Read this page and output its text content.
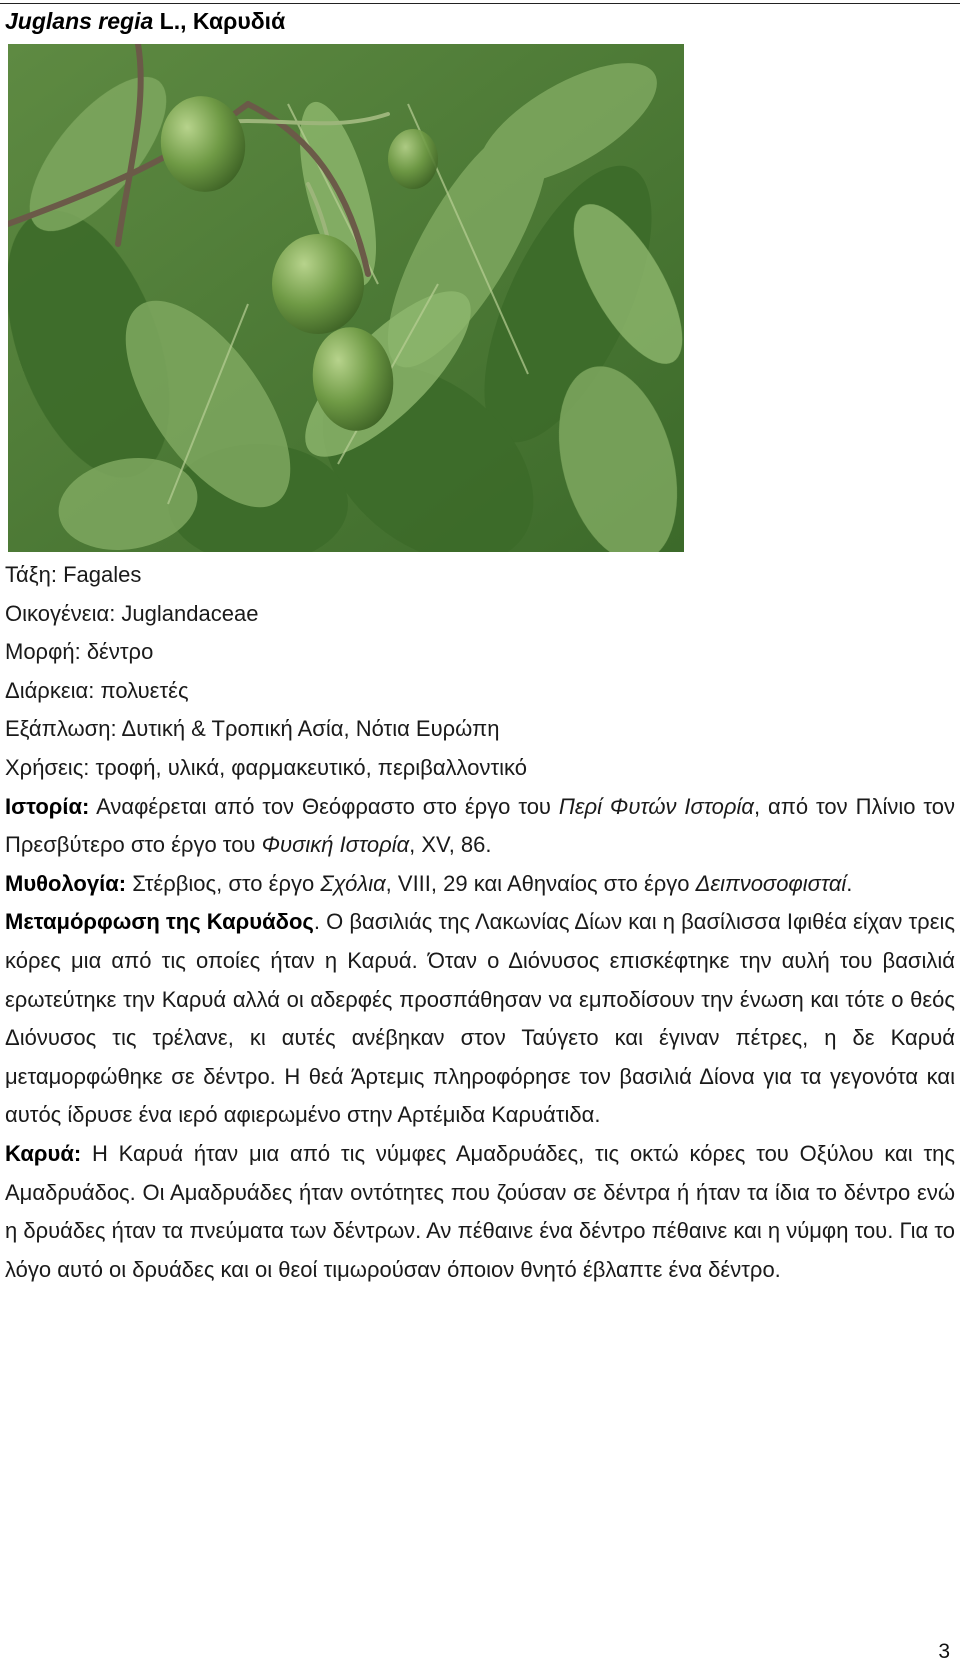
Juglans regia L., Καρυδιά
Τάξη: Fagales
Οικογένεια: Juglandaceae
Μορφή: δέντρο
Διάρκεια: πολυετές
Εξάπλωση: Δυτική & Τροπική Ασία, Νότια Ευρώπη
Χρήσεις: τροφή, υλικά, φαρμακευτικό, περιβαλλοντικό
Ιστορία: Αναφέρεται από τον Θεόφραστο στο έργο του Περί Φυτών Ιστορία, από τον Πλίνιο τον Πρεσβύτερο στο έργο του Φυσική Ιστορία, XV, 86.
Μυθολογία: Στέρβιος, στο έργο Σχόλια, VIII, 29 και Αθηναίος στο έργο Δειπνοσοφισταί.
Μεταμόρφωση της Καρυάδος. Ο βασιλιάς της Λακωνίας Δίων και η βασίλισσα Ιφιθέα είχαν τρεις κόρες μια από τις οποίες ήταν η Καρυά. Όταν ο Διόνυσος επισκέφτηκε την αυλή του βασιλιά ερωτεύτηκε την Καρυά αλλά οι αδερφές προσπάθησαν να εμποδίσουν την ένωση και τότε ο θεός Διόνυσος τις τρέλανε, κι αυτές ανέβηκαν στον Ταύγετο και έγιναν πέτρες, η δε Καρυά μεταμορφώθηκε σε δέντρο. Η θεά Άρτεμις πληροφόρησε τον βασιλιά Δίονα για τα γεγονότα και αυτός ίδρυσε ένα ιερό αφιερωμένο στην Αρτέμιδα Καρυάτιδα.
Καρυά: Η Καρυά ήταν μια από τις νύμφες Αμαδρυάδες, τις οκτώ κόρες του Οξύλου και της Αμαδρυάδος. Οι Αμαδρυάδες ήταν οντότητες που ζούσαν σε δέντρα ή ήταν τα ίδια το δέντρο ενώ η δρυάδες ήταν τα πνεύματα των δέντρων. Αν πέθαινε ένα δέντρο πέθαινε και η νύμφη του. Για το λόγο αυτό οι δρυάδες και οι θεοί τιμωρούσαν όποιον θνητό έβλαπτε ένα δέντρο.
3
